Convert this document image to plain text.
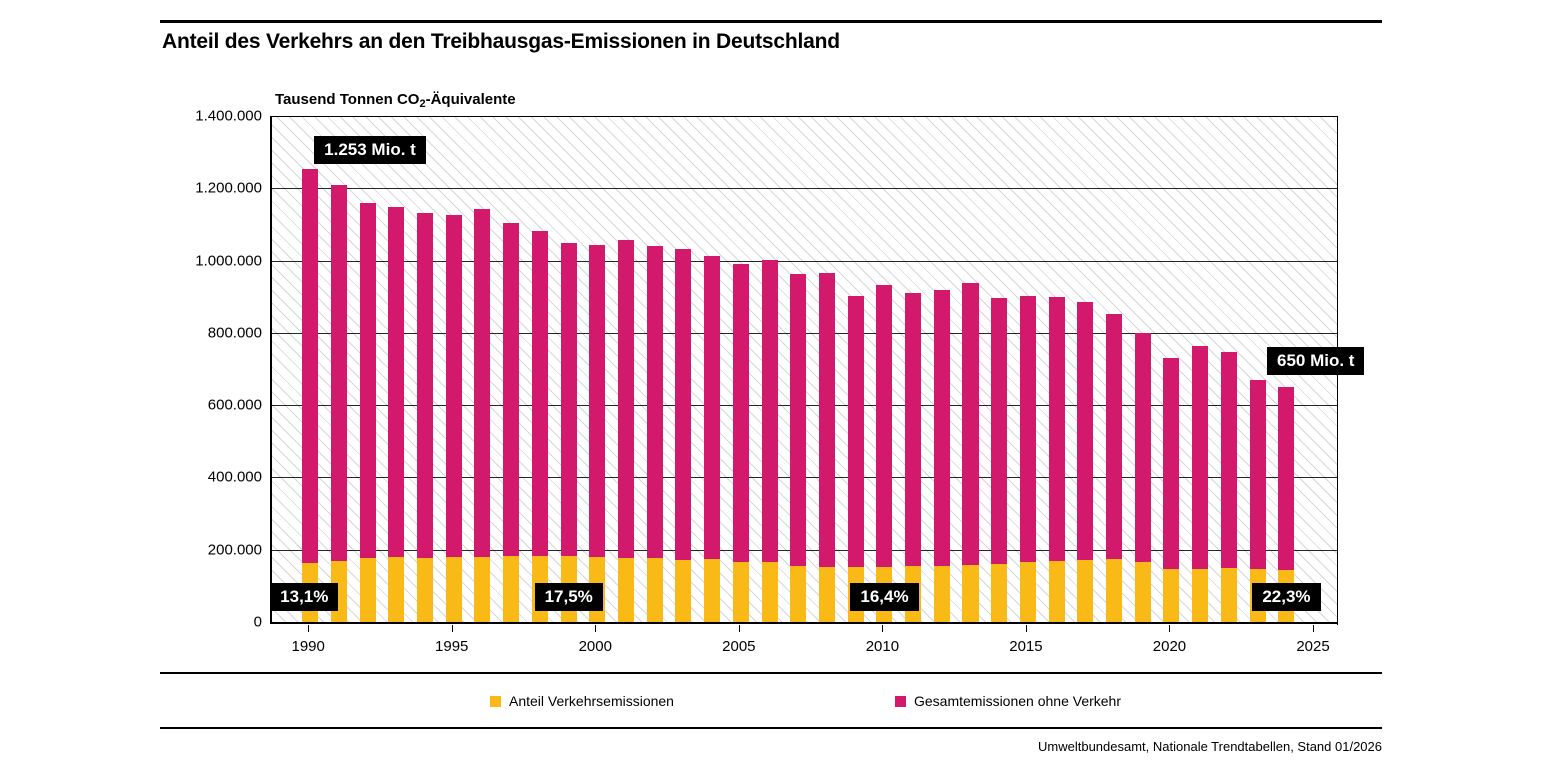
Anteil des Verkehrs an den Treibhausgas-Emissionen in Deutschland
Tausend Tonnen $CO_2$-Äquivalente
0
200.000
400.000
600.000
800.000
1.000.000
1.200.000
1.400.000
Anteil Verkehrsemissionen	Gesamtemissionen ohne Verkehr
Umweltbundesamt, Nationale Trendtabellen, Stand 01/2026
1990	1995	2000	2005	2010	2015	2020	2025
1.253 Mio. t
13,1%	17,5%	16,4%	22,3%
650 Mio. t
